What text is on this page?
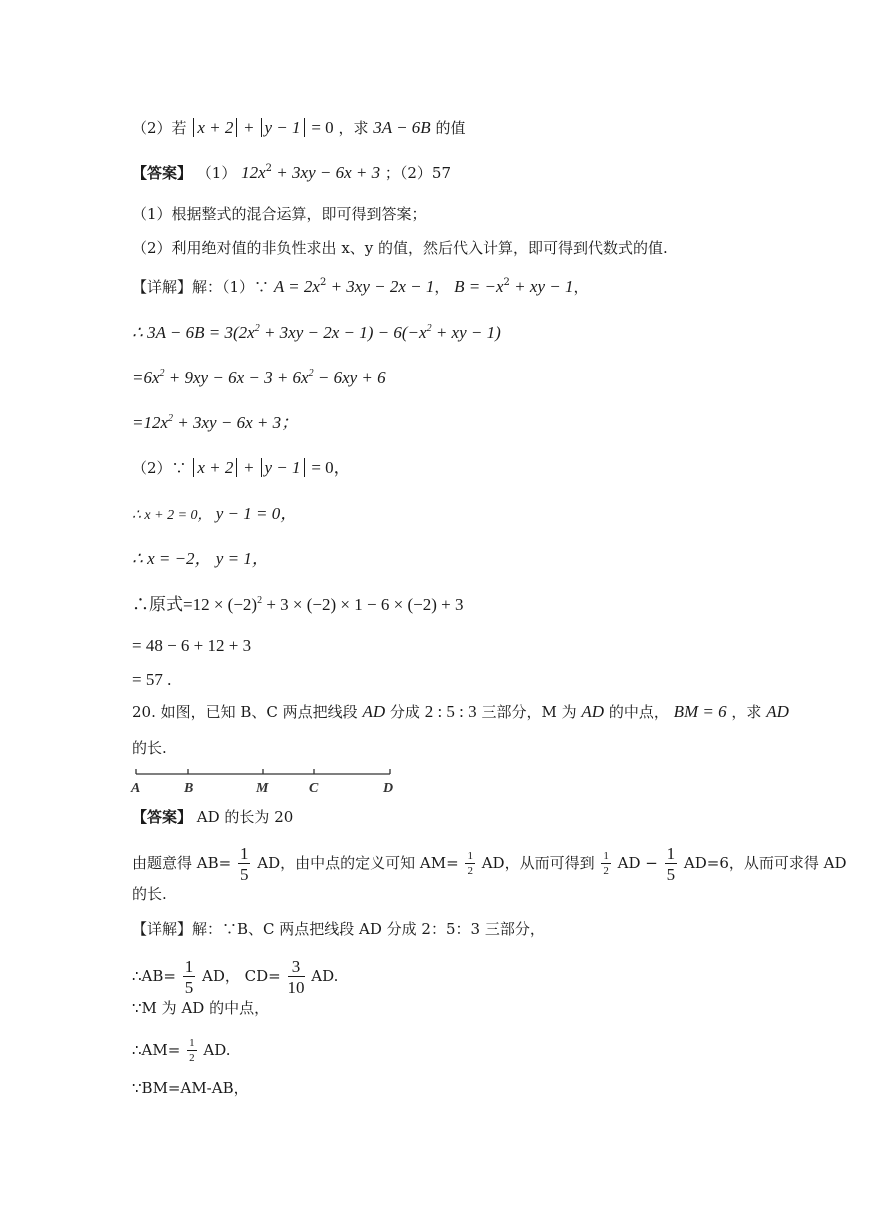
（2）若 x + 2 + y − 1 = 0 ，求 3A − 6B 的值
【答案】 （1） $12x^2 + 3xy - 6x + 3$ ；（2）57
（1）根据整式的混合运算，即可得到答案；
（2）利用绝对值的非负性求出 x、y 的值，然后代入计算，即可得到代数式的值.
【详解】解：（1）∵ $A = 2x^2 + 3xy - 2x - 1$， $B = -x^2$ + xy − 1，
∴ $3A - 6B = 3(2x^2 + 3xy - 2x - 1) - 6(-x^2$ + xy − 1)
$=6x^2 + 9xy - 6x - 3 + 6x^2 - 6xy + 6$
$=12x^2 + 3xy - 6x + 3$；
（2）∵ x + 2 + y − 1 = 0，
∴ x + 2 = 0， y − 1 = 0，
∴ x = −2， y = 1，
∴原式$=12 \times (-2)^2 + 3 \times (-2) \times 1 - 6 \times (-2) + 3$
= 48 − 6 + 12 + 3
= 57 .
20. 如图，已知 B、C 两点把线段 AD 分成 2 : 5 : 3 三部分，M 为 AD 的中点， BM = 6 ，求 AD
的长.
A	B	M	C	D
【答案】 AD 的长为 20
由题意得 $AB= \frac{1}{5}$ AD，由中点的定义可知 $AM= \frac{1}{2}$ AD，从而可得到 $\frac{1}{2}$ AD − $\frac{1}{5} AD=6$，从而可求得 AD
的长.
【详解】解：∵B、C 两点把线段 AD 分成 2：5：3 三部分，
∴AB= $\frac{1}{5}$ AD， $CD= \frac{3}{10}$ AD.
∵M 为 AD 的中点，
∴AM= $\frac{1}{2}$ AD.
∵BM=AM-AB，
